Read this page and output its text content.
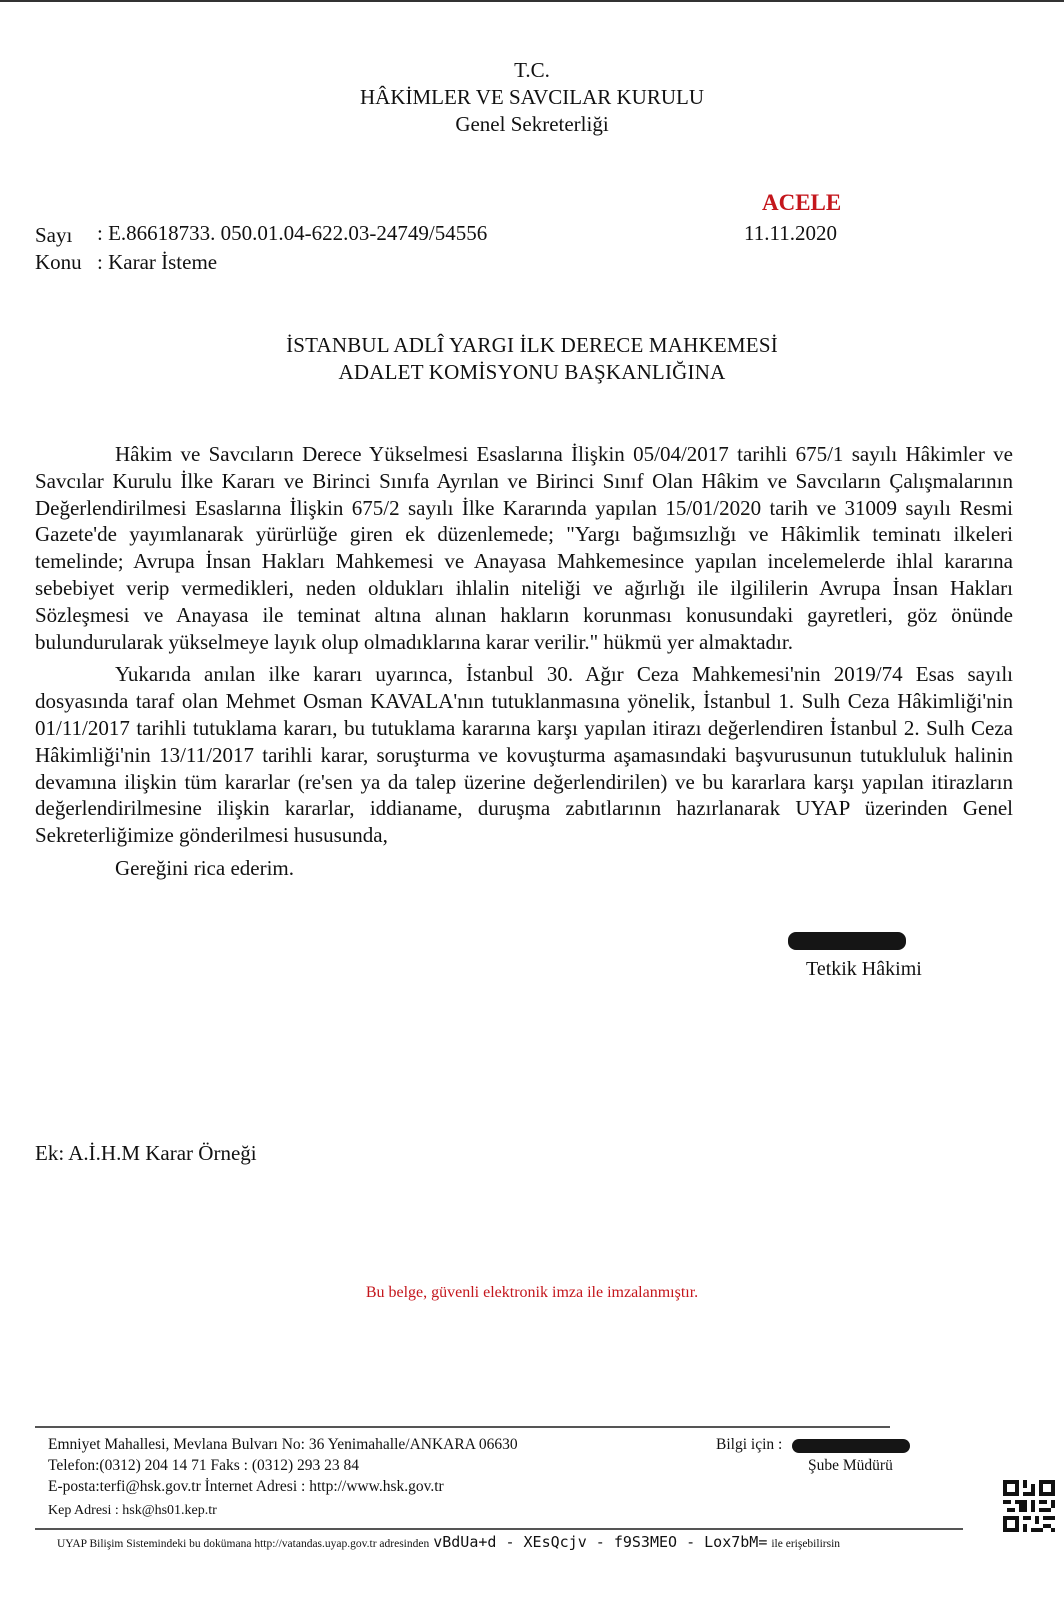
T.C.
HÂKİMLER VE SAVCILAR KURULU
Genel Sekreterliği
ACELE
11.11.2020
Sayı : E.86618733. 050.01.04-622.03-24749/54556
Konu : Karar İsteme
İSTANBUL ADLÎ YARGI İLK DERECE MAHKEMESİ
ADALET KOMİSYONU BAŞKANLIĞINA

Hâkim ve Savcıların Derece Yükselmesi Esaslarına İlişkin 05/04/2017 tarihli 675/1 sayılı Hâkimler ve Savcılar Kurulu İlke Kararı ve Birinci Sınıfa Ayrılan ve Birinci Sınıf Olan Hâkim ve Savcıların Çalışmalarının Değerlendirilmesi Esaslarına İlişkin 675/2 sayılı İlke Kararında yapılan 15/01/2020 tarih ve 31009 sayılı Resmi Gazete'de yayımlanarak yürürlüğe giren ek düzenlemede; "Yargı bağımsızlığı ve Hâkimlik teminatı ilkeleri temelinde; Avrupa İnsan Hakları Mahkemesi ve Anayasa Mahkemesince yapılan incelemelerde ihlal kararına sebebiyet verip vermedikleri, neden oldukları ihlalin niteliği ve ağırlığı ile ilgililerin Avrupa İnsan Hakları Sözleşmesi ve Anayasa ile teminat altına alınan hakların korunması konusundaki gayretleri, göz önünde bulundurularak yükselmeye layık olup olmadıklarına karar verilir." hükmü yer almaktadır.

Yukarıda anılan ilke kararı uyarınca, İstanbul 30. Ağır Ceza Mahkemesi'nin 2019/74 Esas sayılı dosyasında taraf olan Mehmet Osman KAVALA'nın tutuklanmasına yönelik, İstanbul 1. Sulh Ceza Hâkimliği'nin 01/11/2017 tarihli tutuklama kararı, bu tutuklama kararına karşı yapılan itirazı değerlendiren İstanbul 2. Sulh Ceza Hâkimliği'nin 13/11/2017 tarihli karar, soruşturma ve kovuşturma aşamasındaki başvurusunun tutukluluk halinin devamına ilişkin tüm kararlar (re'sen ya da talep üzerine değerlendirilen) ve bu kararlara karşı yapılan itirazların değerlendirilmesine ilişkin kararlar, iddianame, duruşma zabıtlarının hazırlanarak UYAP üzerinden Genel Sekreterliğimize gönderilmesi hususunda,

Gereğini rica ederim.

Tetkik Hâkimi
Ek: A.İ.H.M Karar Örneği
Bu belge, güvenli elektronik imza ile imzalanmıştır.
Emniyet Mahallesi, Mevlana Bulvarı No: 36 Yenimahalle/ANKARA 06630
Telefon:(0312) 204 14 71 Faks : (0312) 293 23 84
E-posta:terfi@hsk.gov.tr İnternet Adresi : http://www.hsk.gov.tr
Kep Adresi : hsk@hs01.kep.tr
Bilgi için :
Şube Müdürü
UYAP Bilişim Sistemindeki bu dokümana http://vatandas.uyap.gov.tr adresinden vBdUa+d - XEsQcjv - f9S3MEO - Lox7bM= ile erişebilirsin
